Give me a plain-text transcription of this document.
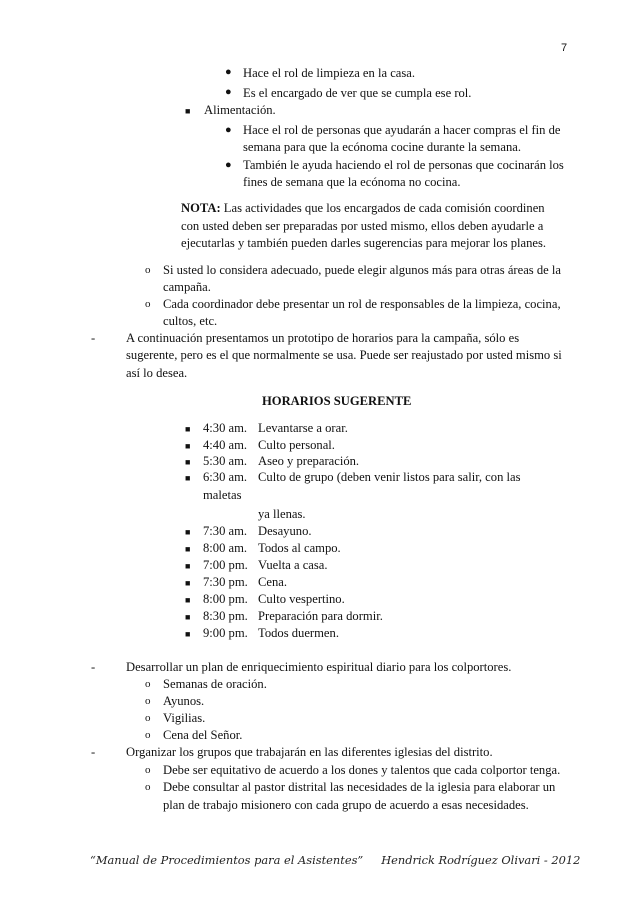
7
● Hace el rol de limpieza en la casa.
● Es el encargado de ver que se cumpla ese rol.
■ Alimentación.
● Hace el rol de personas que ayudarán a hacer compras el fin de
semana para que la ecónoma cocine durante la semana.
● También le ayuda haciendo el rol de personas que cocinarán los
fines de semana que la ecónoma no cocina.
NOTA: Las actividades que los encargados de cada comisión coordinen
con usted deben ser preparadas por usted mismo, ellos deben ayudarle a
ejecutarlas y también pueden darles sugerencias para mejorar los planes.
o Si usted lo considera adecuado, puede elegir algunos más para otras áreas de la
campaña.
o Cada coordinador debe presentar un rol de responsables de la limpieza, cocina,
cultos, etc.
- A continuación presentamos un prototipo de horarios para la campaña, sólo es
sugerente, pero es el que normalmente se usa. Puede ser reajustado por usted mismo si
así lo desea.
HORARIOS SUGERENTE
■ 4:30 am. Levantarse a orar.
■ 4:40 am. Culto personal.
■ 5:30 am. Aseo y preparación.
■ 6:30 am. Culto de grupo (deben venir listos para salir, con las
maletas
ya llenas.
■ 7:30 am. Desayuno.
■ 8:00 am. Todos al campo.
■ 7:00 pm. Vuelta a casa.
■ 7:30 pm. Cena.
■ 8:00 pm. Culto vespertino.
■ 8:30 pm. Preparación para dormir.
■ 9:00 pm. Todos duermen.
- Desarrollar un plan de enriquecimiento espiritual diario para los colportores.
o Semanas de oración.
o Ayunos.
o Vigilias.
o Cena del Señor.
- Organizar los grupos que trabajarán en las diferentes iglesias del distrito.
o Debe ser equitativo de acuerdo a los dones y talentos que cada colportor tenga.
o Debe consultar al pastor distrital las necesidades de la iglesia para elaborar un
plan de trabajo misionero con cada grupo de acuerdo a esas necesidades.
“Manual de Procedimientos para el Asistentes” Hendrick Rodríguez Olivari - 2012
